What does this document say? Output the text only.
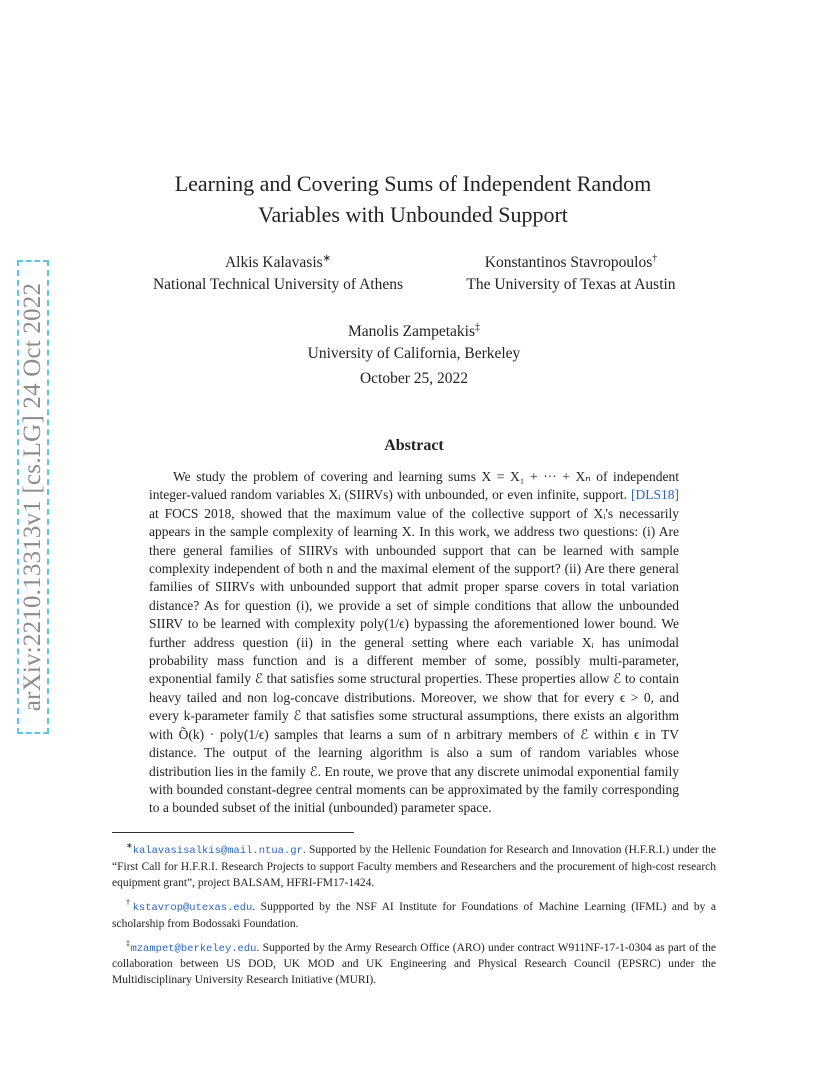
arXiv:2210.13313v1 [cs.LG] 24 Oct 2022
Learning and Covering Sums of Independent Random
Variables with Unbounded Support
Alkis Kalavasis∗
National Technical University of Athens
Konstantinos Stavropoulos†
The University of Texas at Austin
Manolis Zampetakis‡
University of California, Berkeley
October 25, 2022
Abstract
We study the problem of covering and learning sums X = X₁ + ··· + Xₙ of independent integer-valued random variables Xᵢ (SIIRVs) with unbounded, or even infinite, support. [DLS18] at FOCS 2018, showed that the maximum value of the collective support of Xᵢ's necessarily appears in the sample complexity of learning X. In this work, we address two questions: (i) Are there general families of SIIRVs with unbounded support that can be learned with sample complexity independent of both n and the maximal element of the support? (ii) Are there general families of SIIRVs with unbounded support that admit proper sparse covers in total variation distance? As for question (i), we provide a set of simple conditions that allow the unbounded SIIRV to be learned with complexity poly(1/ϵ) bypassing the aforementioned lower bound. We further address question (ii) in the general setting where each variable Xᵢ has unimodal probability mass function and is a different member of some, possibly multi-parameter, exponential family ℰ that satisfies some structural properties. These properties allow ℰ to contain heavy tailed and non log-concave distributions. Moreover, we show that for every ϵ > 0, and every k-parameter family ℰ that satisfies some structural assumptions, there exists an algorithm with Õ(k) · poly(1/ϵ) samples that learns a sum of n arbitrary members of ℰ within ϵ in TV distance. The output of the learning algorithm is also a sum of random variables whose distribution lies in the family ℰ. En route, we prove that any discrete unimodal exponential family with bounded constant-degree central moments can be approximated by the family corresponding to a bounded subset of the initial (unbounded) parameter space.
∗kalavasisalkis@mail.ntua.gr. Supported by the Hellenic Foundation for Research and Innovation (H.F.R.I.) under the “First Call for H.F.R.I. Research Projects to support Faculty members and Researchers and the procurement of high-cost research equipment grant”, project BALSAM, HFRI-FM17-1424.
†kstavrop@utexas.edu. Suppported by the NSF AI Institute for Foundations of Machine Learning (IFML) and by a scholarship from Bodossaki Foundation.
‡mzampet@berkeley.edu. Supported by the Army Research Office (ARO) under contract W911NF-17-1-0304 as part of the collaboration between US DOD, UK MOD and UK Engineering and Physical Research Council (EPSRC) under the Multidisciplinary University Research Initiative (MURI).
